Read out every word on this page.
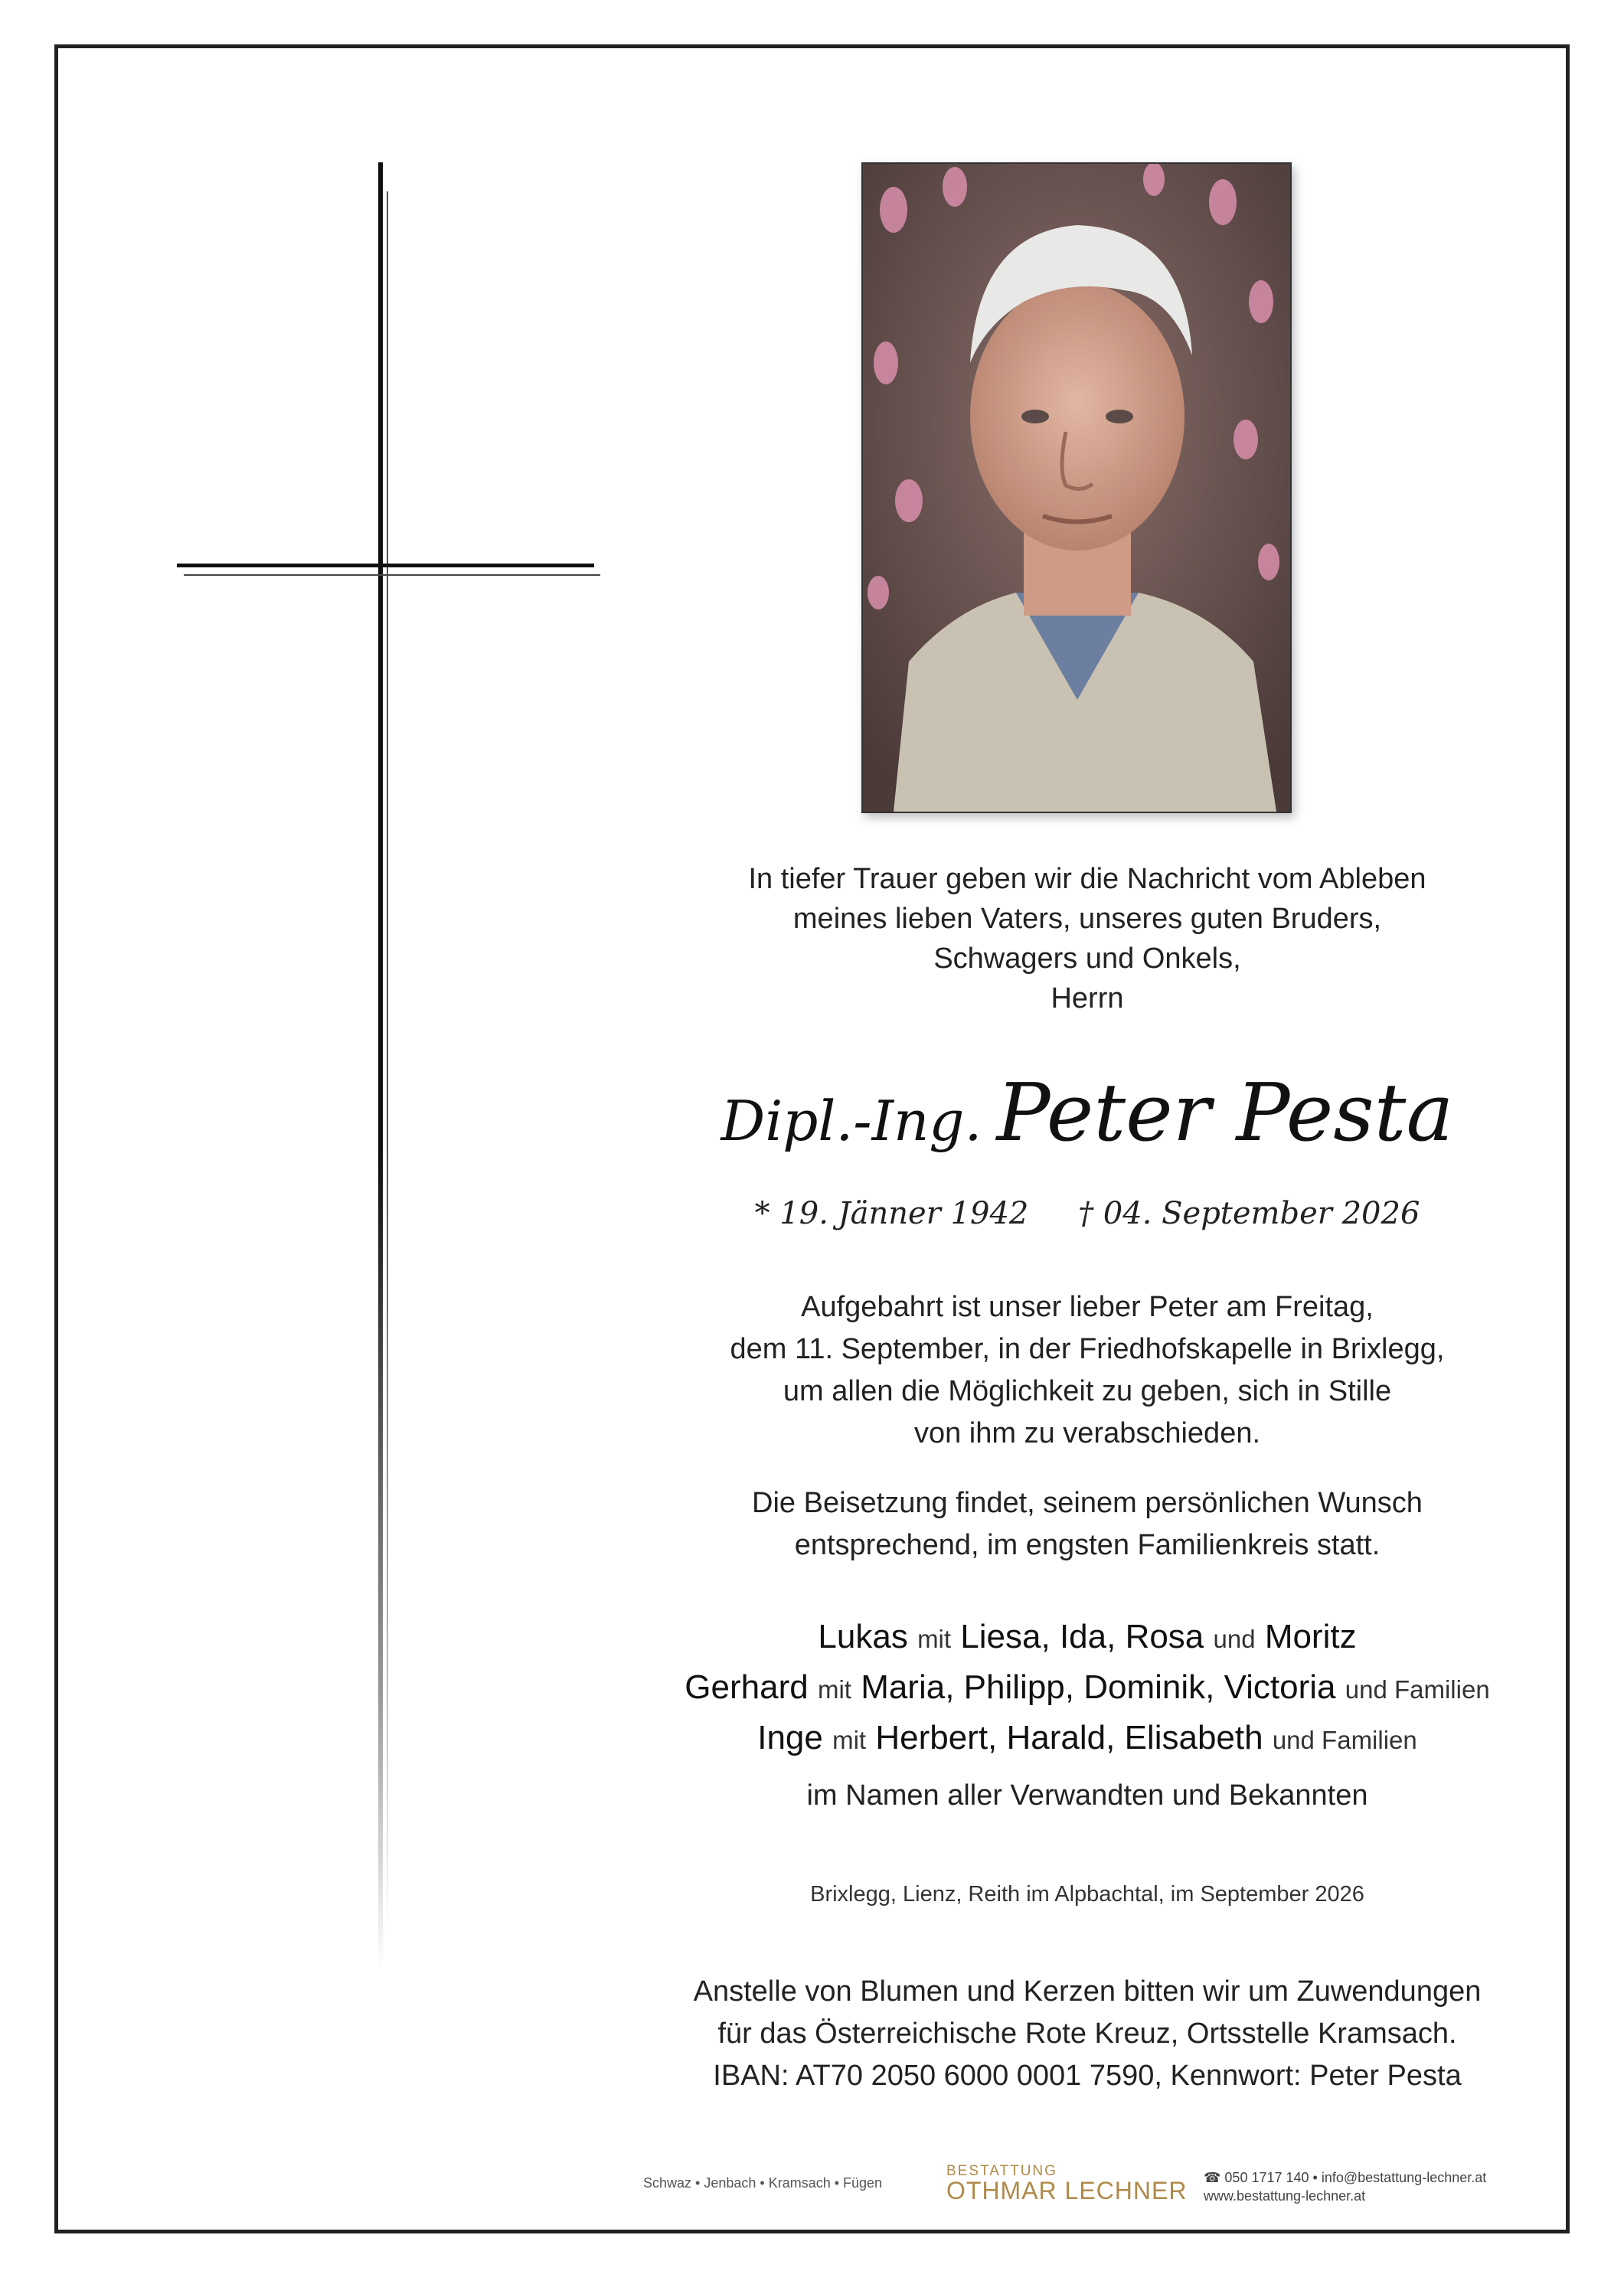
In tiefer Trauer geben wir die Nachricht vom Ableben
meines lieben Vaters, unseres guten Bruders,
Schwagers und Onkels,
Herrn
Dipl.-Ing. Peter Pesta
* 19. Jänner 1942 † 04. September 2026
Aufgebahrt ist unser lieber Peter am Freitag,
dem 11. September, in der Friedhofskapelle in Brixlegg,
um allen die Möglichkeit zu geben, sich in Stille
von ihm zu verabschieden.
Die Beisetzung findet, seinem persönlichen Wunsch
entsprechend, im engsten Familienkreis statt.
Lukas mit Liesa, Ida, Rosa und Moritz
Gerhard mit Maria, Philipp, Dominik, Victoria und Familien
Inge mit Herbert, Harald, Elisabeth und Familien
im Namen aller Verwandten und Bekannten
Brixlegg, Lienz, Reith im Alpbachtal, im September 2026
Anstelle von Blumen und Kerzen bitten wir um Zuwendungen
für das Österreichische Rote Kreuz, Ortsstelle Kramsach.
IBAN: AT70 2050 6000 0001 7590, Kennwort: Peter Pesta
Schwaz • Jenbach • Kramsach • Fügen
BESTATTUNG
OTHMAR LECHNER ☎ 050 1717 140 • info@bestattung-lechner.at
www.bestattung-lechner.at
